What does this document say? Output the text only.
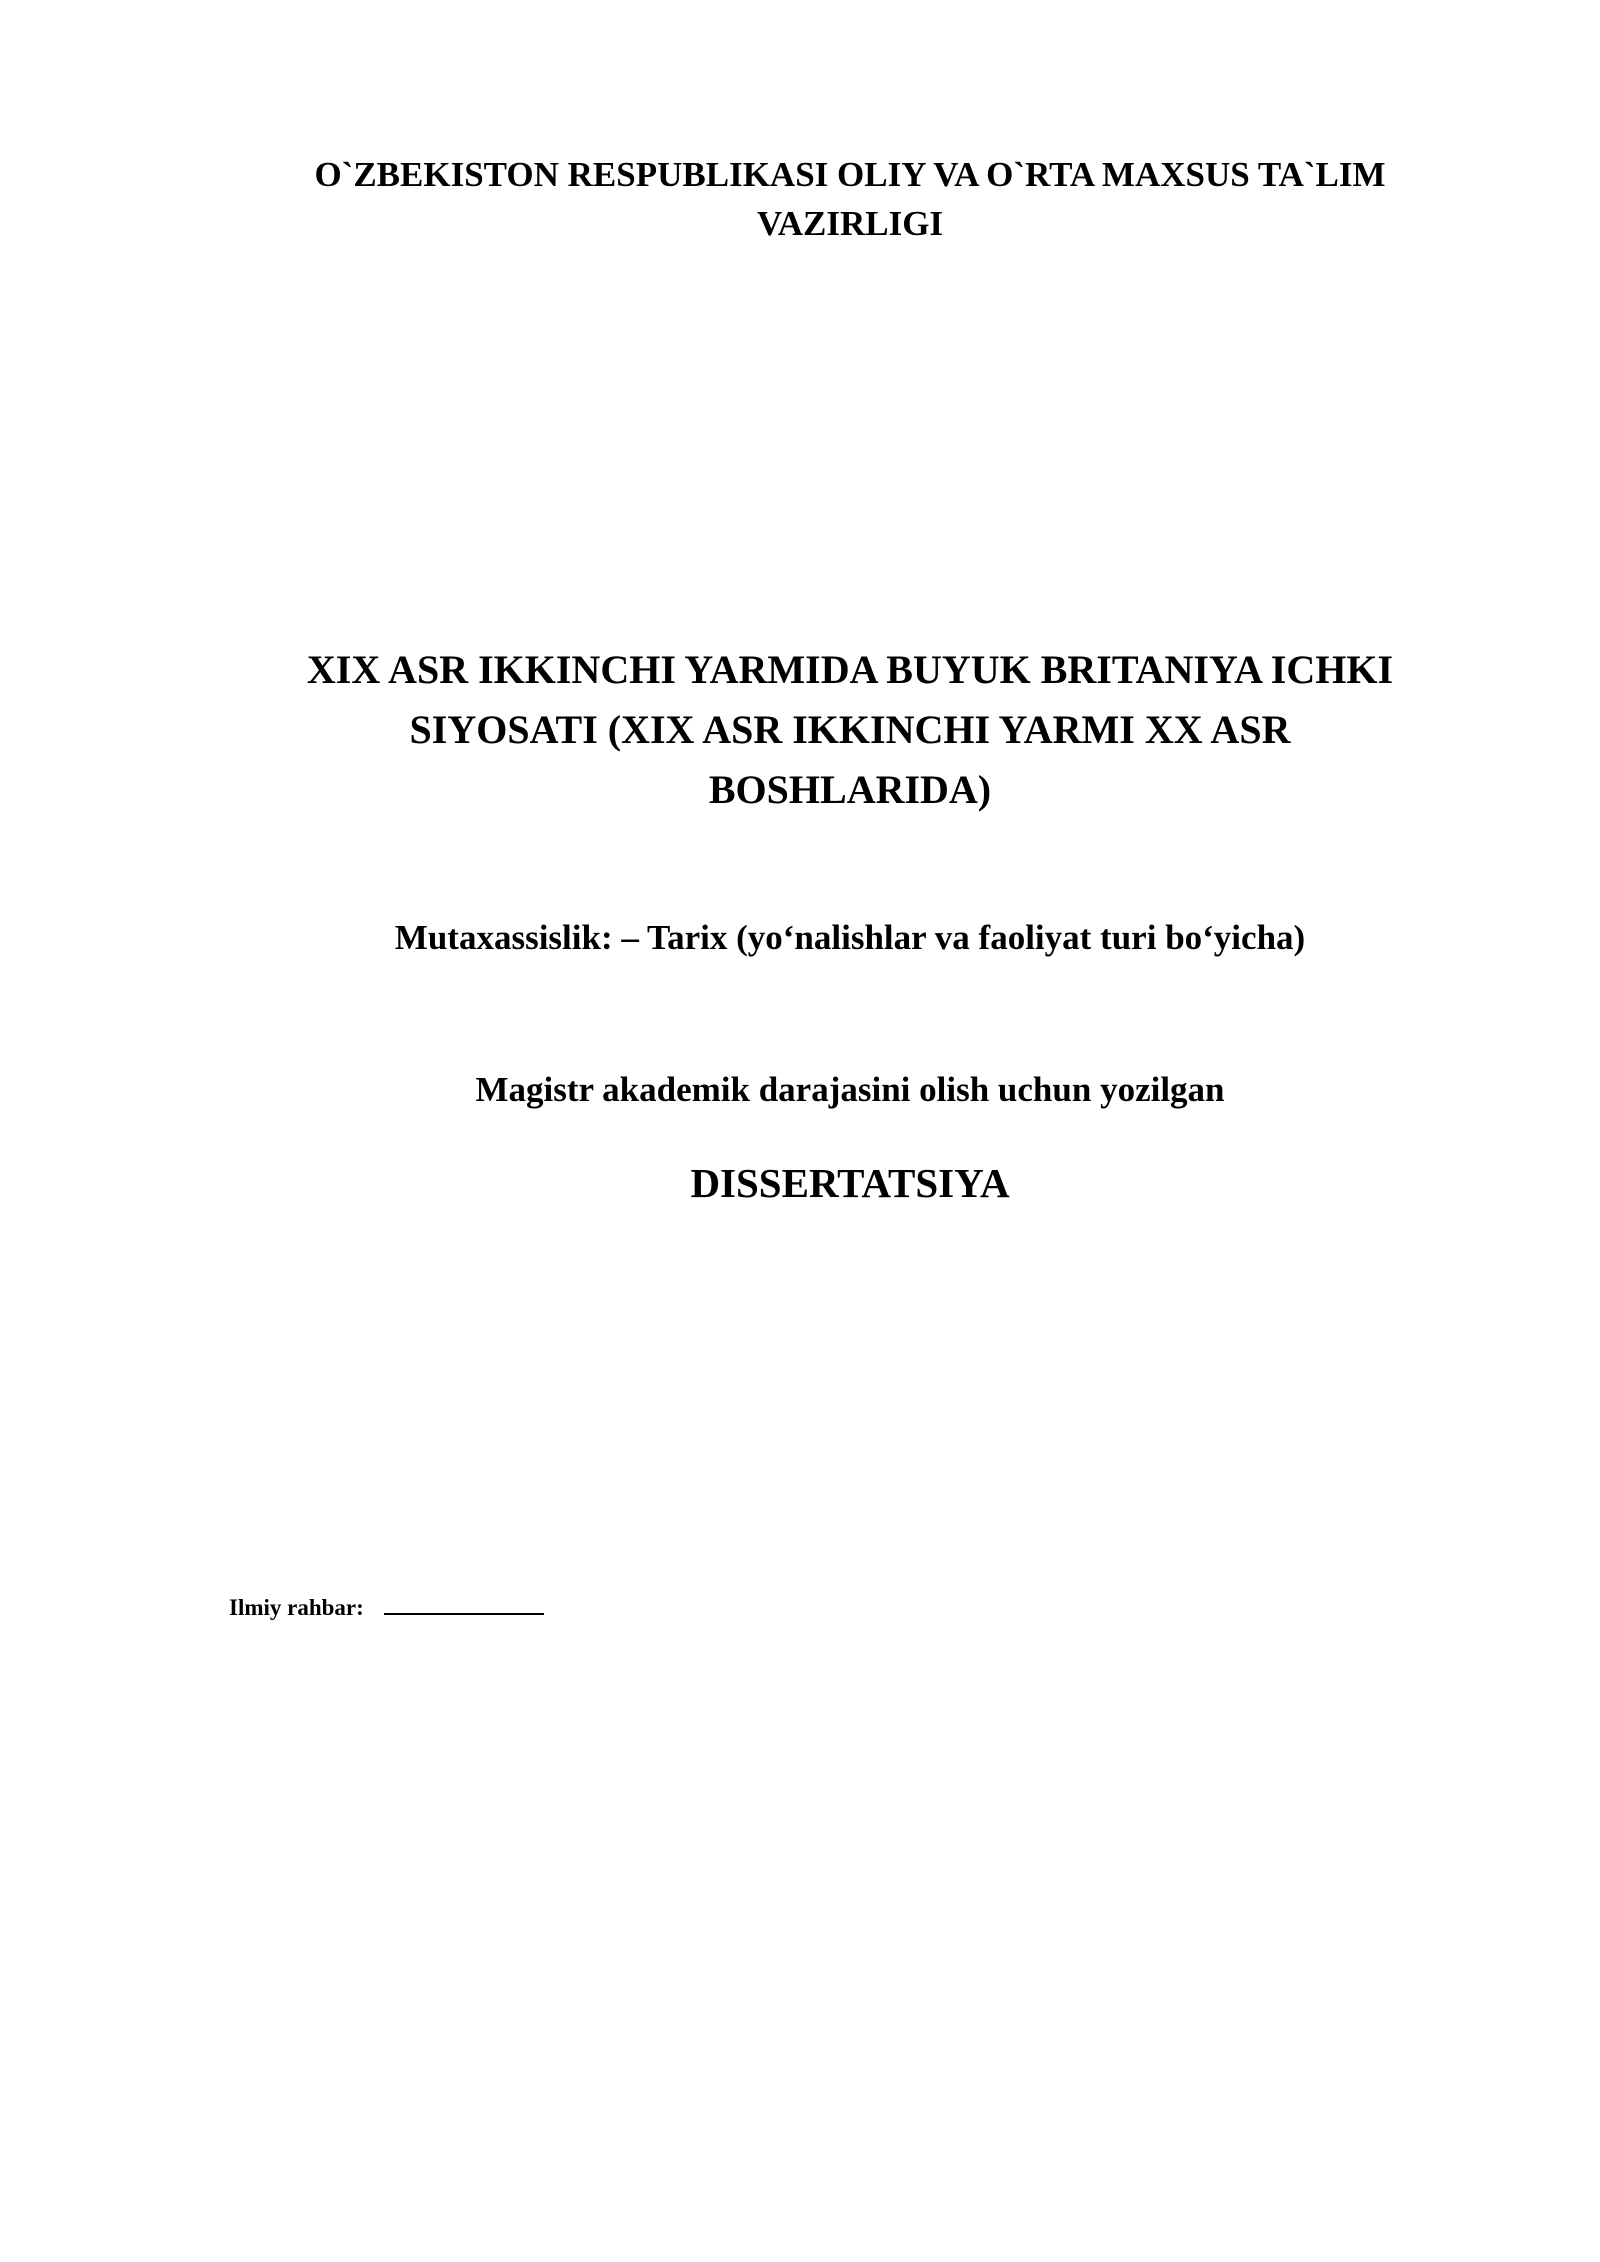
O`ZBEKISTON RESPUBLIKASI OLIY VA O`RTA MAXSUS TA`LIM
VAZIRLIGI
XIX ASR IKKINCHI YARMIDA BUYUK BRITANIYA ICHKI
SIYOSATI (XIX ASR IKKINCHI YARMI XX ASR
BOSHLARIDA)
Mutaxassislik: – Tarix (yo‘nalishlar va faoliyat turi bo‘yicha)
Magistr akademik darajasini olish uchun yozilgan
DISSERTATSIYA
Ilmiy rahbar:
